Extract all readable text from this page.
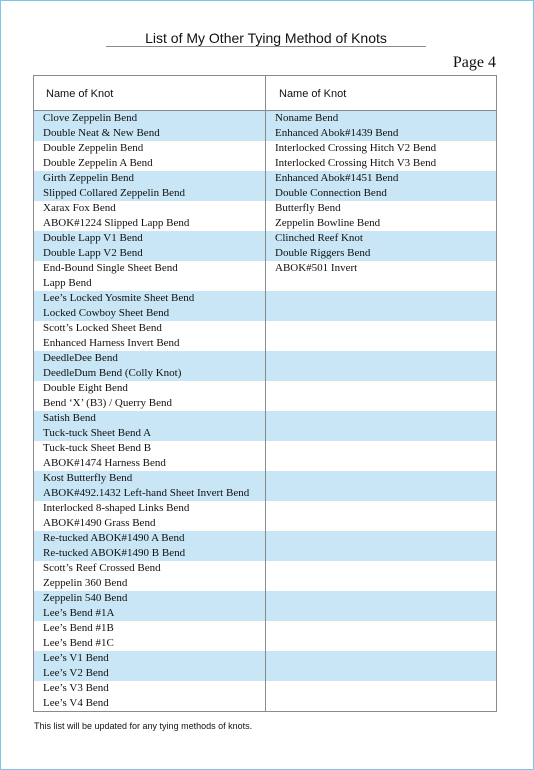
List of My Other Tying Method of Knots
Page 4
Name of Knot	Name of Knot
Clove Zeppelin Bend
Double Neat & New Bend
Double Zeppelin Bend
Double Zeppelin A Bend
Girth Zeppelin Bend
Slipped Collared Zeppelin Bend
Xarax Fox Bend
ABOK#1224 Slipped Lapp Bend
Double Lapp V1 Bend
Double Lapp V2 Bend
End-Bound Single Sheet Bend
Lapp Bend
Lee’s Locked Yosmite Sheet Bend
Locked Cowboy Sheet Bend
Scott’s Locked Sheet Bend
Enhanced Harness Invert Bend
DeedleDee Bend
DeedleDum Bend (Colly Knot)
Double Eight Bend
Bend ‘X’ (B3) / Querry Bend
Satish Bend
Tuck-tuck Sheet Bend A
Tuck-tuck Sheet Bend B
ABOK#1474 Harness Bend
Kost Butterfly Bend
ABOK#492.1432 Left-hand Sheet Invert Bend
Interlocked 8-shaped Links Bend
ABOK#1490 Grass Bend
Re-tucked ABOK#1490 A Bend
Re-tucked ABOK#1490 B Bend
Scott’s Reef Crossed Bend
Zeppelin 360 Bend
Zeppelin 540 Bend
Lee’s Bend #1A
Lee’s Bend #1B
Lee’s Bend #1C
Lee’s V1 Bend
Lee’s V2 Bend
Lee’s V3 Bend
Lee’s V4 Bend
Noname Bend
Enhanced Abok#1439 Bend
Interlocked Crossing Hitch V2 Bend
Interlocked Crossing Hitch V3 Bend
Enhanced Abok#1451 Bend
Double Connection Bend
Butterfly Bend
Zeppelin Bowline Bend
Clinched Reef Knot
Double Riggers Bend
ABOK#501 Invert
This list will be updated for any tying methods of knots.
